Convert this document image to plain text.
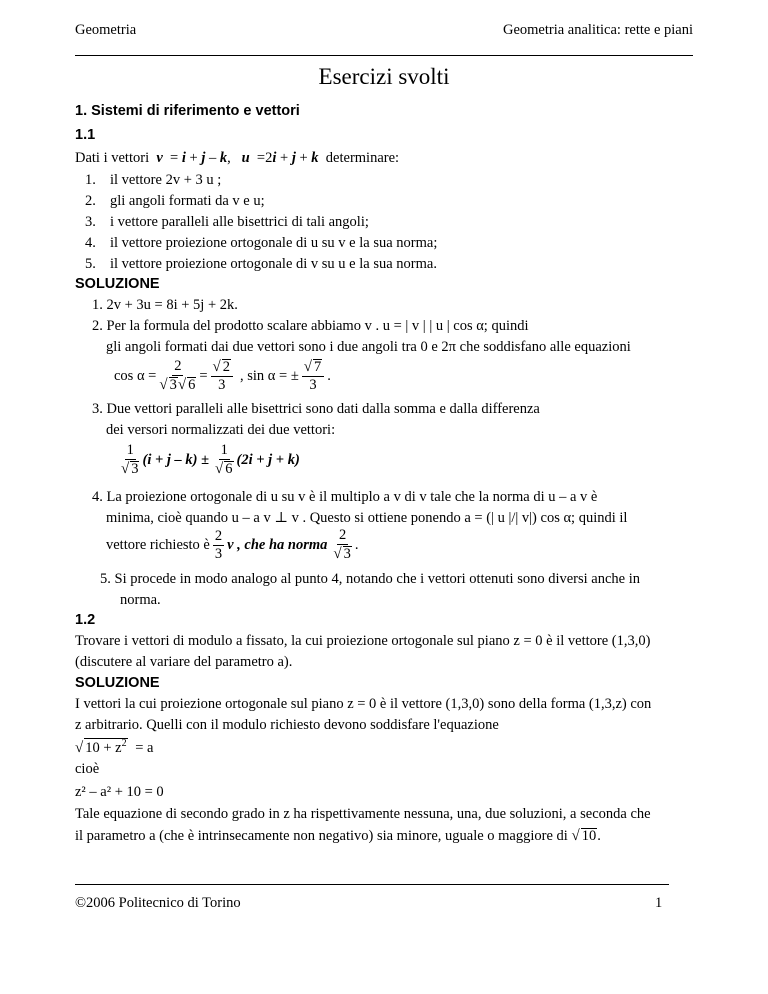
Geometria	Geometria analitica: rette e piani
Esercizi svolti
1. Sistemi di riferimento e vettori
1.1
Dati i vettori v  = i + j – k,   u  =2i + j + k determinare:
1. il vettore 2v + 3 u ;
2. gli angoli formati da v e u;
3. i vettore paralleli alle bisettrici di tali angoli;
4. il vettore proiezione ortogonale di u su v e la sua norma;
5. il vettore proiezione ortogonale di v su u e la sua norma.
SOLUZIONE
1. 2v + 3u = 8i + 5j + 2k.
2. Per la formula del prodotto scalare abbiamo v . u = | v | | u | cos α; quindi
gli angoli formati dai due vettori sono i due angoli tra 0 e 2π che soddisfano alle equazioni
$\cos \alpha = \frac{2}{√ 3√ 6} = \frac{√ 2}{3}$ , sin α = ± $\frac{√ 7}{3}$ .
3. Due vettori paralleli alle bisettrici sono dati dalla somma e dalla differenza
dei versori normalizzati dei due vettori:
$\frac{1}{√ 3} (i + j - k) \pm \frac{1}{√ 6} (2i + j + k)$
4. La proiezione ortogonale di u su v è il multiplo a v di v tale che la norma di u – a v è
minima, cioè quando u – a v ⊥ v . Questo si ottiene ponendo a = (| u |/| v|) cos α; quindi il
vettore richiesto è $\frac{2}{3}$ v , che ha norma $\frac{2}{√ 3}$ .
5. Si procede in modo analogo al punto 4, notando che i vettori ottenuti sono diversi anche in
norma.
1.2
Trovare i vettori di modulo a fissato, la cui proiezione ortogonale sul piano z = 0 è il vettore (1,3,0)
(discutere al variare del parametro a).
SOLUZIONE
I vettori la cui proiezione ortogonale sul piano z = 0 è il vettore (1,3,0) sono della forma (1,3,z) con
z arbitrario. Quelli con il modulo richiesto devono soddisfare l'equazione
√ $10 + z^2 = a$
cioè
z² – a² + 10 = 0
Tale equazione di secondo grado in z ha rispettivamente nessuna, una, due soluzioni, a seconda che
il parametro a (che è intrinsecamente non negativo) sia minore, uguale o maggiore di √ 10.
©2006 Politecnico di Torino	1
